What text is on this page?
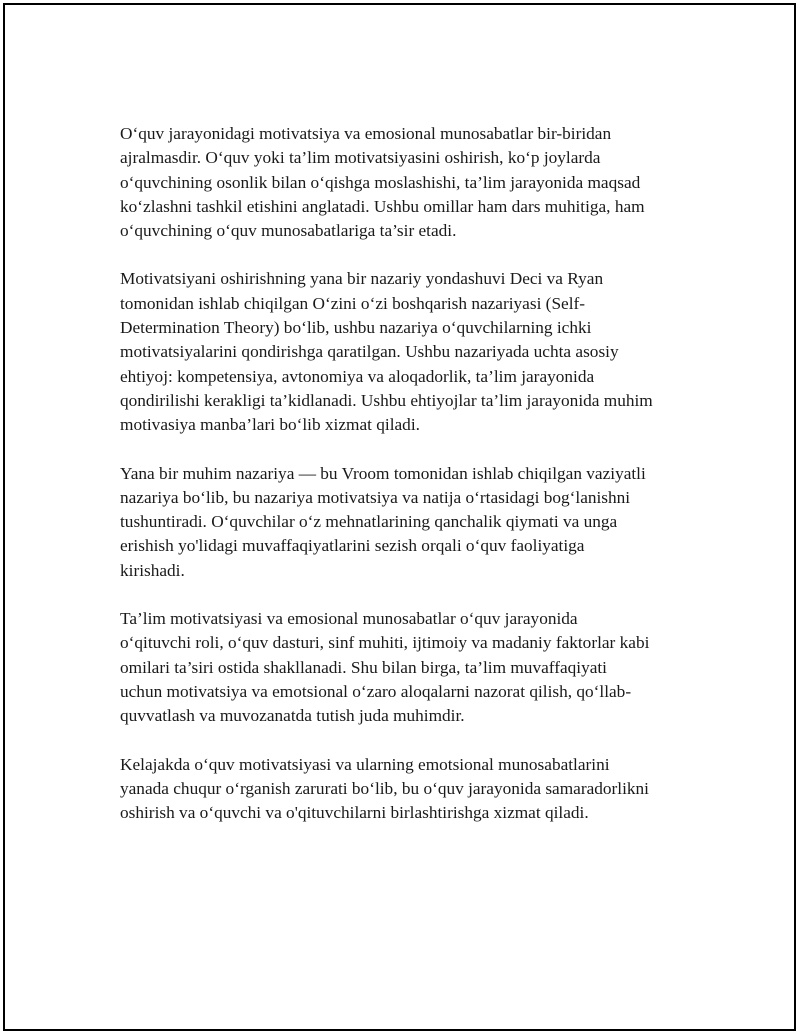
O‘quv jarayonidagi motivatsiya va emosional munosabatlar bir-biridan
ajralmasdir. O‘quv yoki ta’lim motivatsiyasini oshirish, ko‘p joylarda
o‘quvchining osonlik bilan o‘qishga moslashishi, ta’lim jarayonida maqsad
ko‘zlashni tashkil etishini anglatadi. Ushbu omillar ham dars muhitiga, ham
o‘quvchining o‘quv munosabatlariga ta’sir etadi.

Motivatsiyani oshirishning yana bir nazariy yondashuvi Deci va Ryan
tomonidan ishlab chiqilgan O‘zini o‘zi boshqarish nazariyasi (Self-
Determination Theory) bo‘lib, ushbu nazariya o‘quvchilarning ichki
motivatsiyalarini qondirishga qaratilgan. Ushbu nazariyada uchta asosiy
ehtiyoj: kompetensiya, avtonomiya va aloqadorlik, ta’lim jarayonida
qondirilishi kerakligi ta’kidlanadi. Ushbu ehtiyojlar ta’lim jarayonida muhim
motivasiya manba’lari bo‘lib xizmat qiladi.

Yana bir muhim nazariya — bu Vroom tomonidan ishlab chiqilgan vaziyatli
nazariya bo‘lib, bu nazariya motivatsiya va natija o‘rtasidagi bog‘lanishni
tushuntiradi. O‘quvchilar o‘z mehnatlarining qanchalik qiymati va unga
erishish yo'lidagi muvaffaqiyatlarini sezish orqali o‘quv faoliyatiga
kirishadi.

Ta’lim motivatsiyasi va emosional munosabatlar o‘quv jarayonida
o‘qituvchi roli, o‘quv dasturi, sinf muhiti, ijtimoiy va madaniy faktorlar kabi
omilari ta’siri ostida shakllanadi. Shu bilan birga, ta’lim muvaffaqiyati
uchun motivatsiya va emotsional o‘zaro aloqalarni nazorat qilish, qo‘llab-
quvvatlash va muvozanatda tutish juda muhimdir.

Kelajakda o‘quv motivatsiyasi va ularning emotsional munosabatlarini
yanada chuqur o‘rganish zarurati bo‘lib, bu o‘quv jarayonida samaradorlikni
oshirish va o‘quvchi va o'qituvchilarni birlashtirishga xizmat qiladi.
